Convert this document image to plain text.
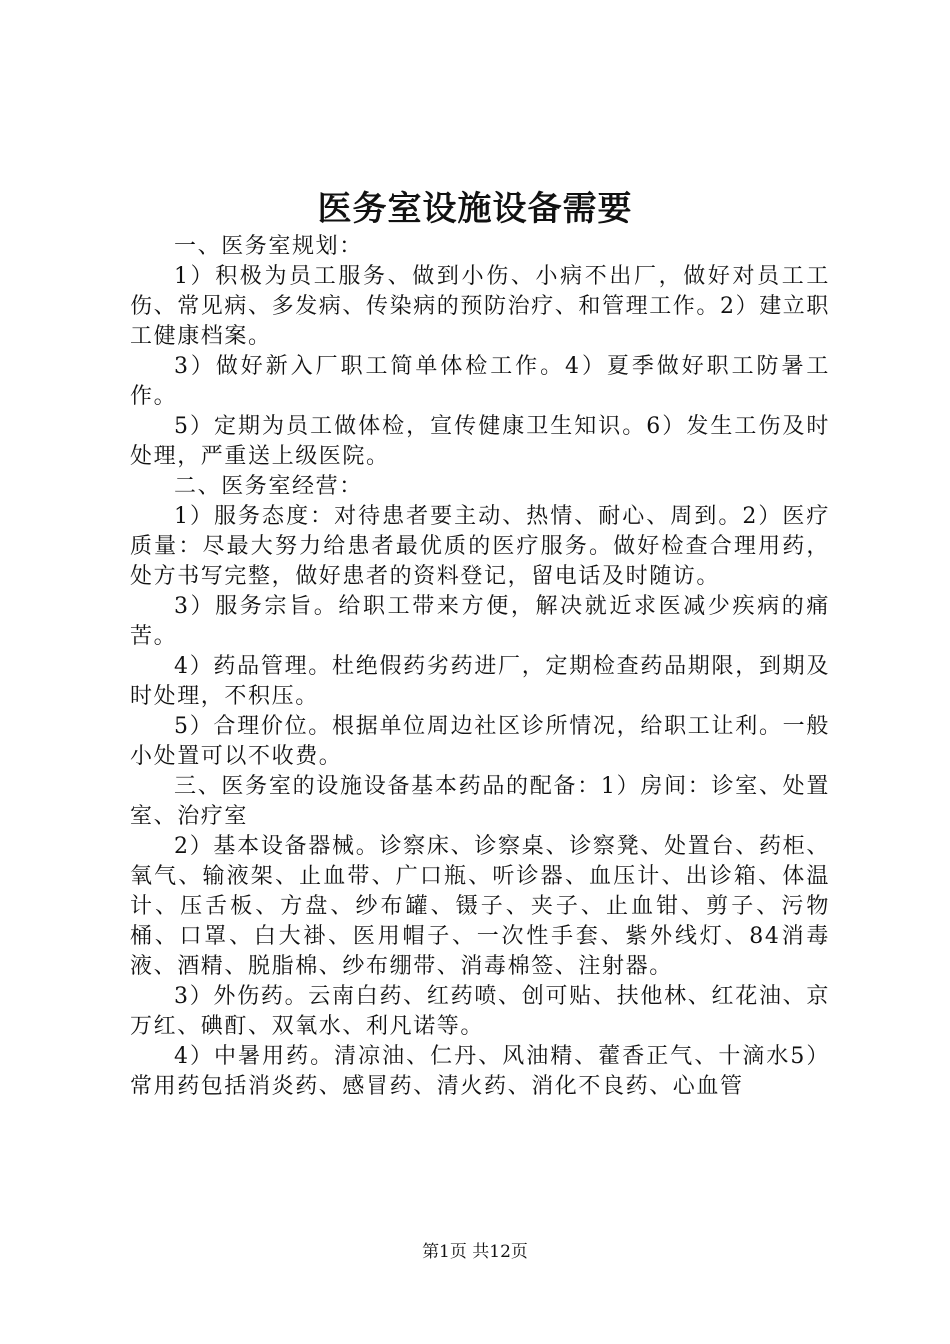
医务室设施设备需要

一、医务室规划：

1）积极为员工服务、做到小伤、小病不出厂，做好对员工工伤、常见病、多发病、传染病的预防治疗、和管理工作。2）建立职工健康档案。

3）做好新入厂职工简单体检工作。4）夏季做好职工防暑工作。

5）定期为员工做体检，宣传健康卫生知识。6）发生工伤及时处理，严重送上级医院。

二、医务室经营：

1）服务态度：对待患者要主动、热情、耐心、周到。2）医疗质量：尽最大努力给患者最优质的医疗服务。做好检查合理用药，处方书写完整，做好患者的资料登记，留电话及时随访。

3）服务宗旨。给职工带来方便，解决就近求医减少疾病的痛苦。

4）药品管理。杜绝假药劣药进厂，定期检查药品期限，到期及时处理，不积压。

5）合理价位。根据单位周边社区诊所情况，给职工让利。一般小处置可以不收费。

三、医务室的设施设备基本药品的配备：1）房间：诊室、处置室、治疗室

2）基本设备器械。诊察床、诊察桌、诊察凳、处置台、药柜、氧气、输液架、止血带、广口瓶、听诊器、血压计、出诊箱、体温计、压舌板、方盘、纱布罐、镊子、夹子、止血钳、剪子、污物桶、口罩、白大褂、医用帽子、一次性手套、紫外线灯、84消毒液、酒精、脱脂棉、纱布绷带、消毒棉签、注射器。

3）外伤药。云南白药、红药喷、创可贴、扶他林、红花油、京万红、碘酊、双氧水、利凡诺等。

4）中暑用药。清凉油、仁丹、风油精、藿香正气、十滴水5）常用药包括消炎药、感冒药、清火药、消化不良药、心血管

第1页 共12页
